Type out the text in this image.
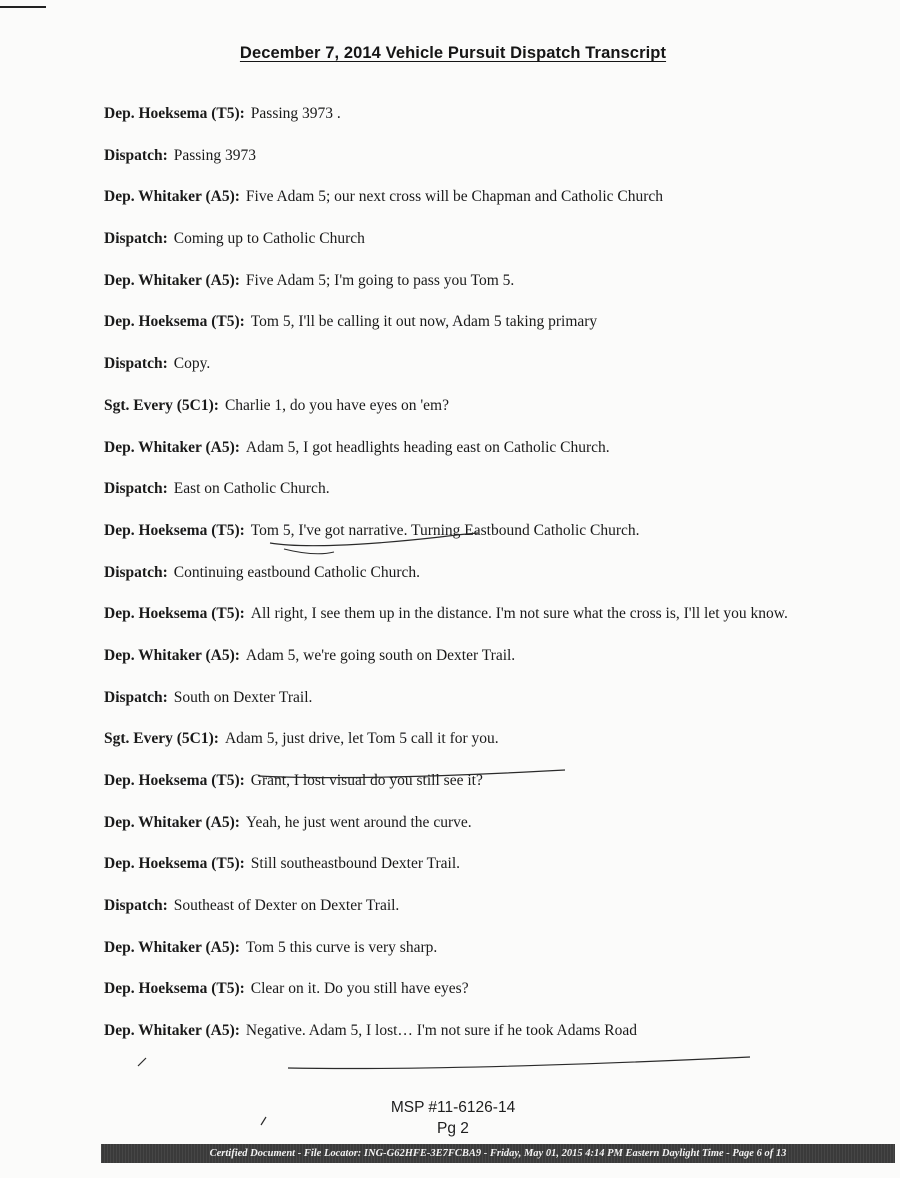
December 7, 2014 Vehicle Pursuit Dispatch Transcript
Dep. Hoeksema (T5): Passing 3973 .
Dispatch: Passing 3973
Dep. Whitaker (A5): Five Adam 5; our next cross will be Chapman and Catholic Church
Dispatch: Coming up to Catholic Church
Dep. Whitaker (A5): Five Adam 5; I'm going to pass you Tom 5.
Dep. Hoeksema (T5): Tom 5, I'll be calling it out now, Adam 5 taking primary
Dispatch: Copy.
Sgt. Every (5C1): Charlie 1, do you have eyes on 'em?
Dep. Whitaker (A5): Adam 5, I got headlights heading east on Catholic Church.
Dispatch: East on Catholic Church.
Dep. Hoeksema (T5): Tom 5, I've got narrative. Turning Eastbound Catholic Church.
Dispatch: Continuing eastbound Catholic Church.
Dep. Hoeksema (T5): All right, I see them up in the distance. I'm not sure what the cross is, I'll let you know.
Dep. Whitaker (A5): Adam 5, we're going south on Dexter Trail.
Dispatch: South on Dexter Trail.
Sgt. Every (5C1): Adam 5, just drive, let Tom 5 call it for you.
Dep. Hoeksema (T5): Grant, I lost visual do you still see it?
Dep. Whitaker (A5): Yeah, he just went around the curve.
Dep. Hoeksema (T5): Still southeastbound Dexter Trail.
Dispatch: Southeast of Dexter on Dexter Trail.
Dep. Whitaker (A5): Tom 5 this curve is very sharp.
Dep. Hoeksema (T5): Clear on it. Do you still have eyes?
Dep. Whitaker (A5): Negative. Adam 5, I lost… I'm not sure if he took Adams Road
MSP #11-6126-14
Pg 2
Certified Document - File Locator: ING-G62HFE-3E7FCBA9 - Friday, May 01, 2015 4:14 PM Eastern Daylight Time - Page 6 of 13
